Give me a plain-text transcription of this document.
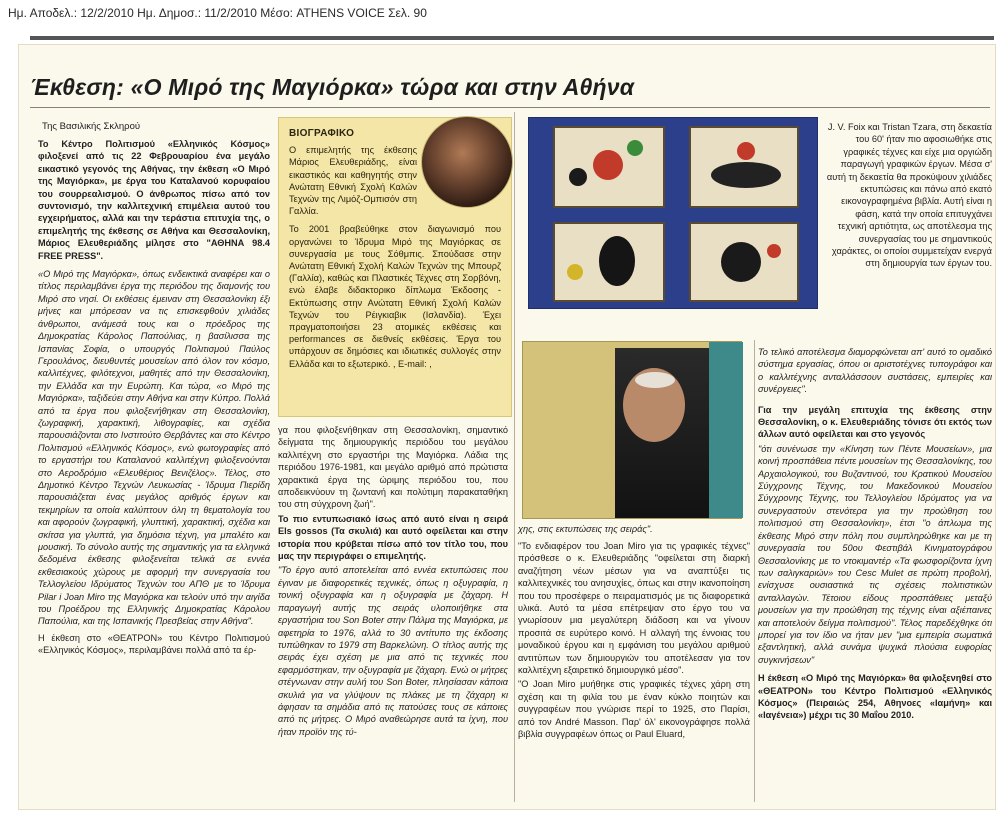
Ημ. Αποδελ.: 12/2/2010 Ημ. Δημοσ.: 11/2/2010 Μέσο: ATHENS VOICE Σελ. 90
Έκθεση: «Ο Μιρό της Μαγιόρκα» τώρα και στην Αθήνα
Της Βασιλικής Σκληρού

Το Κέντρο Πολιτισμού «Ελληνικός Κόσμος» φιλοξενεί από τις 22 Φεβρουαρίου ένα μεγάλο εικαστικό γεγονός της Αθήνας, την έκθεση «Ο Μιρό της Μαγιόρκα», με έργα του Καταλανού κορυφαίου του σουρρεαλισμού. Ο άνθρωπος πίσω από τον συντονισμό, την καλλιτεχνική επιμέλεια αυτού του εγχειρήματος, αλλά και την τεράστια επιτυχία της, ο επιμελητής της έκθεσης σε Αθήνα και Θεσσαλονίκη, Μάριος Ελευθεριάδης μίλησε στο "ΑΘΗΝΑ 98.4 FREE PRESS".

«Ο Μιρό της Μαγιόρκα», όπως ενδεικτικά αναφέρει και ο τίτλος περιλαμβάνει έργα της περιόδου της διαμονής του Μιρό στο νησί. Οι εκθέσεις έμειναν στη Θεσσαλονίκη έξι μήνες και μπόρεσαν να τις επισκεφθούν χιλιάδες άνθρωποι, ανάμεσά τους και ο πρόεδρος της Δημοκρατίας Κάρολος Παπούλιας, η βασίλισσα της Ισπανίας Σοφία, ο υπουργός Πολιτισμού Παύλος Γερουλάνος, διευθυντές μουσείων από όλον τον κόσμο, καλλιτέχνες, φιλότεχνοι, μαθητές από την Θεσσαλονίκη, την Ελλάδα και την Ευρώπη. Και τώρα, «ο Μιρό της Μαγιόρκα», ταξιδεύει στην Αθήνα και στην Κύπρο. Πολλά από τα έργα που φιλοξενήθηκαν στη Θεσσαλονίκη, ζωγραφική, χαρακτική, λιθογραφίες, και σχέδια παρουσιάζονται στο Ινστιτούτο Θερβάντες και στο Κέντρο Πολιτισμού «Ελληνικός Κόσμος», ενώ φωτογραφίες από το εργαστήρι του Καταλανού καλλιτέχνη φιλοξενούνται στο Αεροδρόμιο «Ελευθέριος Βενιζέλος». Τέλος, στο Δημοτικό Κέντρο Τεχνών Λευκωσίας - Ίδρυμα Πιερίδη παρουσιάζεται ένας μεγάλος αριθμός έργων και τεκμηρίων τα οποία καλύπτουν όλη τη θεματολογία του και αφορούν ζωγραφική, γλυπτική, χαρακτική, σχέδια και σκίτσα για γλυπτά, για δημόσια τέχνη, για μπαλέτο και μουσική. Το σύνολο αυτής της σημαντικής για τα ελληνικά δεδομένα έκθεσης φιλοξενείται τελικά σε εννέα εκθεσιακούς χώρους με αφορμή την συνεργασία του Τελλογλείου Ιδρύματος Τεχνών του ΑΠΘ με το Ίδρυμα Pilar i Joan Miro της Μαγιόρκα και τελούν υπό την αιγίδα του Προέδρου της Ελληνικής Δημοκρατίας Κάρολου Παπούλια, και της Ισπανικής Πρεσβείας στην Αθήνα".

Η έκθεση στο «ΘΕΑΤΡΟΝ» του Κέντρο Πολιτισμού «Ελληνικός Κόσμος», περιλαμβάνει πολλά από τα έρ-

ΒΙΟΓΡΑΦΙΚΟ

Ο επιμελητής της έκθεσης Μάριος Ελευθεριάδης, είναι εικαστικός και καθηγητής στην Ανώτατη Εθνική Σχολή Καλών Τεχνών της Λιμόζ-Ομπισόν στη Γαλλία.

Το 2001 βραβεύθηκε στον διαγωνισμό που οργανώνει το Ίδρυμα Μιρό της Μαγιόρκας σε συνεργασία με τους Σόθμπις. Σπούδασε στην Ανώτατη Εθνική Σχολή Καλών Τεχνών της Μπουρζ (Γαλλία), καθώς και Πλαστικές Τέχνες στη Σορβόνη, ενώ έλαβε διδακτορικο δίπλωμα Έκδοσης - Εκτύπωσης στην Ανώτατη Εθνική Σχολή Καλών Τεχνών του Ρέιγκιαβικ (Ισλανδία). Έχει πραγματοποιήσει 23 ατομικές εκθέσεις και performances σε διεθνείς εκθέσεις. Έργα του υπάρχουν σε δημόσιες και ιδιωτικές συλλογές στην Ελλάδα και το εξωτερικό. , E-mail: ,

γα που φιλοξενήθηκαν στη Θεσσαλονίκη, σημαντικό δείγματα της δημιουργικής περιόδου του μεγάλου καλλιτέχνη στο εργαστήρι της Μαγιόρκα. Λάδια της περιόδου 1976-1981, και μεγάλο αριθμό από πρώτιστα χαρακτικά έργα της ώριμης περιόδου του, που αποδεικνύουν τη ζωντανή και πολύτιμη παρακαταθήκη του στη σύγχρονη ζωή".

Το πιο εντυπωσιακό ίσως από αυτό είναι η σειρά Els gossos (Τα σκυλιά) και αυτό οφείλεται και στην ιστορία που κρύβεται πίσω από τον τίτλο του, που μας την περιγράφει ο επιμελητής.

"Το έργο αυτό αποτελείται από εννέα εκτυπώσεις που έγιναν με διαφορετικές τεχνικές, όπως η οξυγραφία, η τονική οξυγραφία και η οξυγραφία με ζάχαρη. Η παραγωγή αυτής της σειράς υλοποιήθηκε στα εργαστήρια του Son Boter στην Πάλμα της Μαγιόρκα, με αφετηρία το 1976, αλλά το 30 αντίτυπο της έκδοσης τυπώθηκαν το 1979 στη Βαρκελώνη. Ο τίτλος αυτής της σειράς έχει σχέση με μια από τις τεχνικές που εφαρμόστηκαν, την οξυγραφία με ζάχαρη. Ενώ οι μήτρες στέγνωναν στην αυλή του Son Boter, πλησίασαν κάποια σκυλιά για να γλύψουν τις πλάκες με τη ζάχαρη κι άφησαν τα σημάδια από τις πατούσες τους σε κάποιες από τις μήτρες. Ο Μιρό αναθεώρησε αυτά τα ίχνη, που ήταν προϊόν της τύ-

J. V. Foix και Tristan Tzara, στη δεκαετία του 60' ήταν πιο αφοσιωθήκε στις γραφικές τέχνες και είχε μια οργιώδη παραγωγή γραφικών έργων. Μέσα σ' αυτή τη δεκαετία θα προκύψουν χιλιάδες εκτυπώσεις και πάνω από εκατό εικονογραφημένα βιβλία. Αυτή είναι η φάση, κατά την οποία επιτυγχάνει τεχνική αρτιότητα, ως αποτέλεσμα της συνεργασίας του με σημαντικούς χαράκτες, οι οποίοι συμμετείχαν ενεργά στη δημιουργία των έργων του.

χης, στις εκτυπώσεις της σειράς".

"Το ενδιαφέρον του Joan Miro για τις γραφικές τέχνες" πρόσθεσε ο κ. Ελευθεριάδης "οφείλεται στη διαρκή αναζήτηση νέων μέσων για να αναπτύξει τις καλλιτεχνικές του ανησυχίες, όπως και στην ικανοποίηση που του προσέφερε ο πειραματισμός με τις διαφορετικά υλικά. Αυτό τα μέσα επέτρεψαν στο έργο του να γνωρίσουν μια μεγαλύτερη διάδοση και να γίνουν προσιτά σε ευρύτερο κοινό. Η αλλαγή της έννοιας του μοναδικού έργου και η εμφάνιση του μεγάλου αριθμού αντιτύπων των δημιουργιών του αποτέλεσαν για τον καλλιτέχνη εξαιρετικό δημιουργικό μέσο".

"Ο Joan Miro μυήθηκε στις γραφικές τέχνες χάρη στη σχέση και τη φιλία του με έναν κύκλο ποιητών και συγγραφέων που γνώρισε περί το 1925, στο Παρίσι, από τον André Masson. Παρ' όλ' εικονογράφησε πολλά βιβλία συγγραφέων όπως οι Paul Eluard,

Το τελικό αποτέλεσμα διαμορφώνεται απ' αυτό το ομαδικό σύστημα εργασίας, όπου οι αριστοτέχνες τυπογράφοι και ο καλλιτέχνης ανταλλάσσουν συστάσεις, εμπειρίες και συνέργειες".

Για την μεγάλη επιτυχία της έκθεσης στην Θεσσαλονίκη, ο κ. Ελευθεριάδης τόνισε ότι εκτός των άλλων αυτό οφείλεται και στο γεγονός

"ότι συνένωσε την «Κίνηση των Πέντε Μουσείων», μια κοινή προσπάθεια πέντε μουσείων της Θεσσαλονίκης, του Αρχαιολογικού, του Βυζαντινού, του Κρατικού Μουσείου Σύγχρονης Τέχνης, του Μακεδονικού Μουσείου Σύγχρονης Τέχνης, του Τελλογλείου Ιδρύματος για να συνεργαστούν στενότερα για την προώθηση του πολιτισμού στη Θεσσαλονίκη», έτσι "ο άπλωμα της έκθεσης Μιρό στην πόλη που συμπληρώθηκε και με τη συνεργασία του 50ου Φεστιβάλ Κινηματογράφου Θεσσαλονίκης με το ντοκιμαντέρ «Τα φωσφορίζοντα ίχνη των σαλιγκαριών» του Cesc Mulet σε πρώτη προβολή, ενίσχυσε ουσιαστικά τις σχέσεις πολιτιστικών ανταλλαγών. Τέτοιου είδους προσπάθειες μεταξύ μουσείων για την προώθηση της τέχνης είναι αξιέπαινες και αποτελούν δείγμα πολιτισμού". Τέλος παρεδέχθηκε ότι μπορεί για τον ίδιο να ήταν μεν "μια εμπειρία σωματικά εξαντλητική, αλλά συνάμα ψυχικά πλούσια ευφορίας συγκινήσεων"

Η έκθεση «Ο Μιρό της Μαγιόρκα» θα φιλοξενηθεί στο «ΘΕΑΤΡΟΝ» του Κέντρο Πολιτισμού «Ελληνικός Κόσμος» (Πειραιώς 254, Αθηνοες «Ιαμήνη» και «Ιαγένεια») μέχρι τις 30 Μαΐου 2010.
